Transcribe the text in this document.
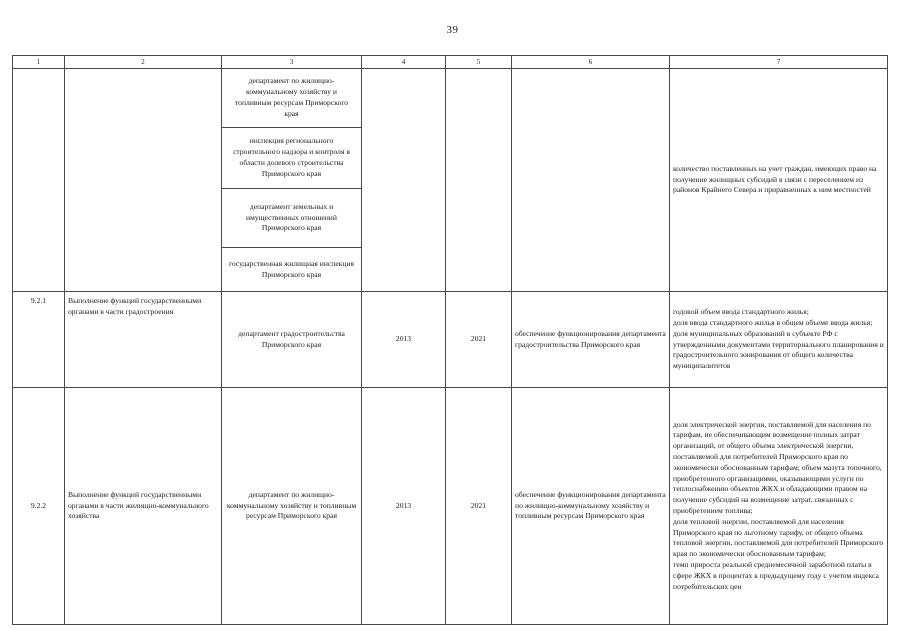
39
1	2	3	4	5	6	7

		департамент по жилищно-коммунальному хозяйству и топливным ресурсам Приморского края
инспекция регионального строительного надзора и контроля в области долевого строительства Приморского края
департамент земельных и имущественных отношений Приморского края
государственная жилищная инспекция Приморского края				количество поставленных на учет граждан, имеющих право на получение жилищных субсидий в связи с переселением из районов Крайнего Севера и приравненных к ним местностей
9.2.1	Выполнение функций государственными органами в части градостроения	департамент градостроительства Приморского края	2013	2021	обеспечение функционирования департамента градостроительства Приморского края	годовой объем ввода стандартного жилья;
доля ввода стандартного жилья в общем объеме ввода жилья;
доля муниципальных образований в субъекте РФ с утвержденными документами территориального планирования и градостроительного зонирования от общего количества муниципалитетов
9.2.2	Выполнение функций государственными органами в части жилищно-коммунального хозяйства	департамент по жилищно-коммунальному хозяйству и топливным ресурсам Приморского края	2013	2021	обеспечение функционирования департамента по жилищно-коммунальному хозяйству и топливным ресурсам Приморского края	доля электрической энергии, поставляемой для населения по тарифам, не обеспечивающим возмещение полных затрат организаций, от общего объема электрической энергии, поставляемой для потребителей Приморского края по экономически обоснованным тарифам; объем мазута топочного, приобретенного организациями, оказывающими услуги по теплоснабжению объектов ЖКХ и обладающими правом на получение субсидий на возмещение затрат, связанных с приобретением топлива;
доля тепловой энергии, поставляемой для населения Приморского края по льготному тарифу, от общего объема тепловой энергии, поставляемой для потребителей Приморского края по экономически обоснованным тарифам;
темп прироста реальной среднемесячной заработной платы в сфере ЖКХ в процентах к предыдущему году с учетом индекса потребительских цен
